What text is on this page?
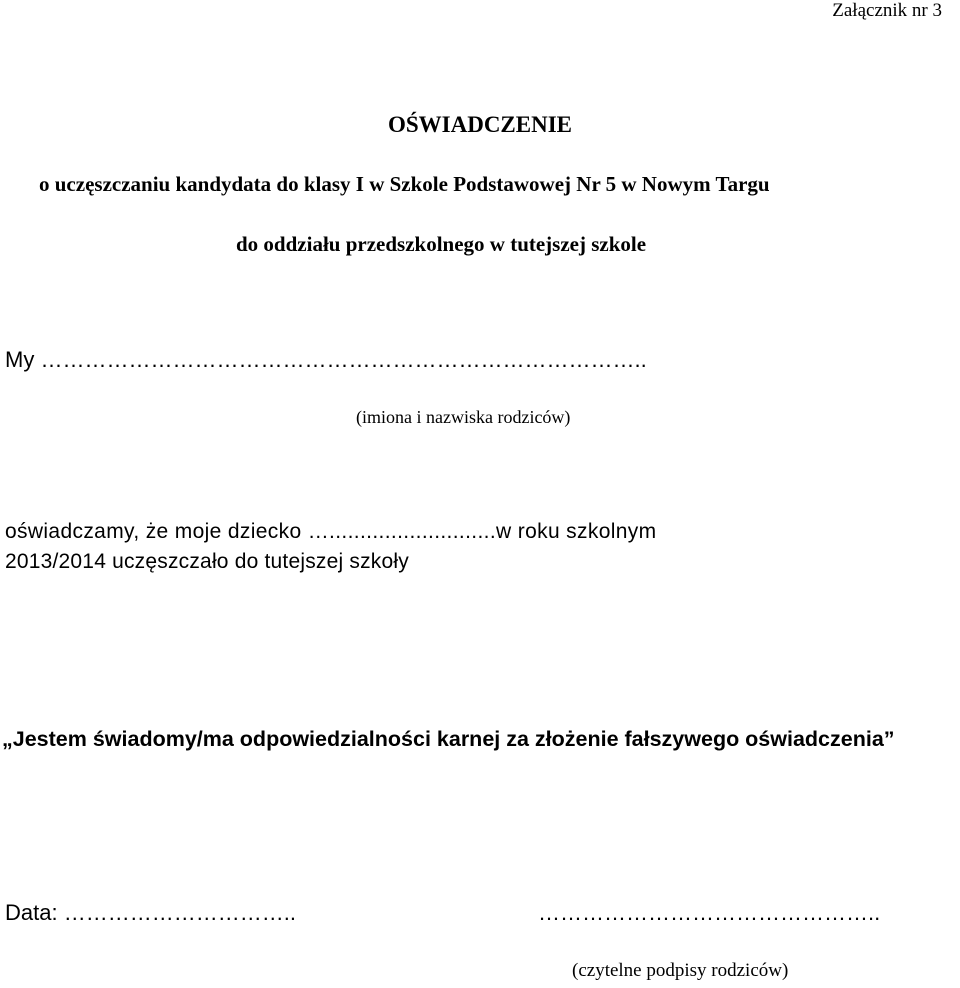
Załącznik nr 3

OŚWIADCZENIE

o uczęszczaniu kandydata do klasy I w Szkole Podstawowej Nr 5 w Nowym Targu

do oddziału przedszkolnego w tutejszej szkole

My ………………………………………………………………………..

(imiona i nazwiska rodziców)

oświadczamy, że moje dziecko …...........................w roku szkolnym

2013/2014 uczęszczało do tutejszej szkoły

„Jestem świadomy/ma odpowiedzialności karnej za złożenie fałszywego oświadczenia”

Data: …………………………..	………………………………………..

(czytelne podpisy rodziców)
